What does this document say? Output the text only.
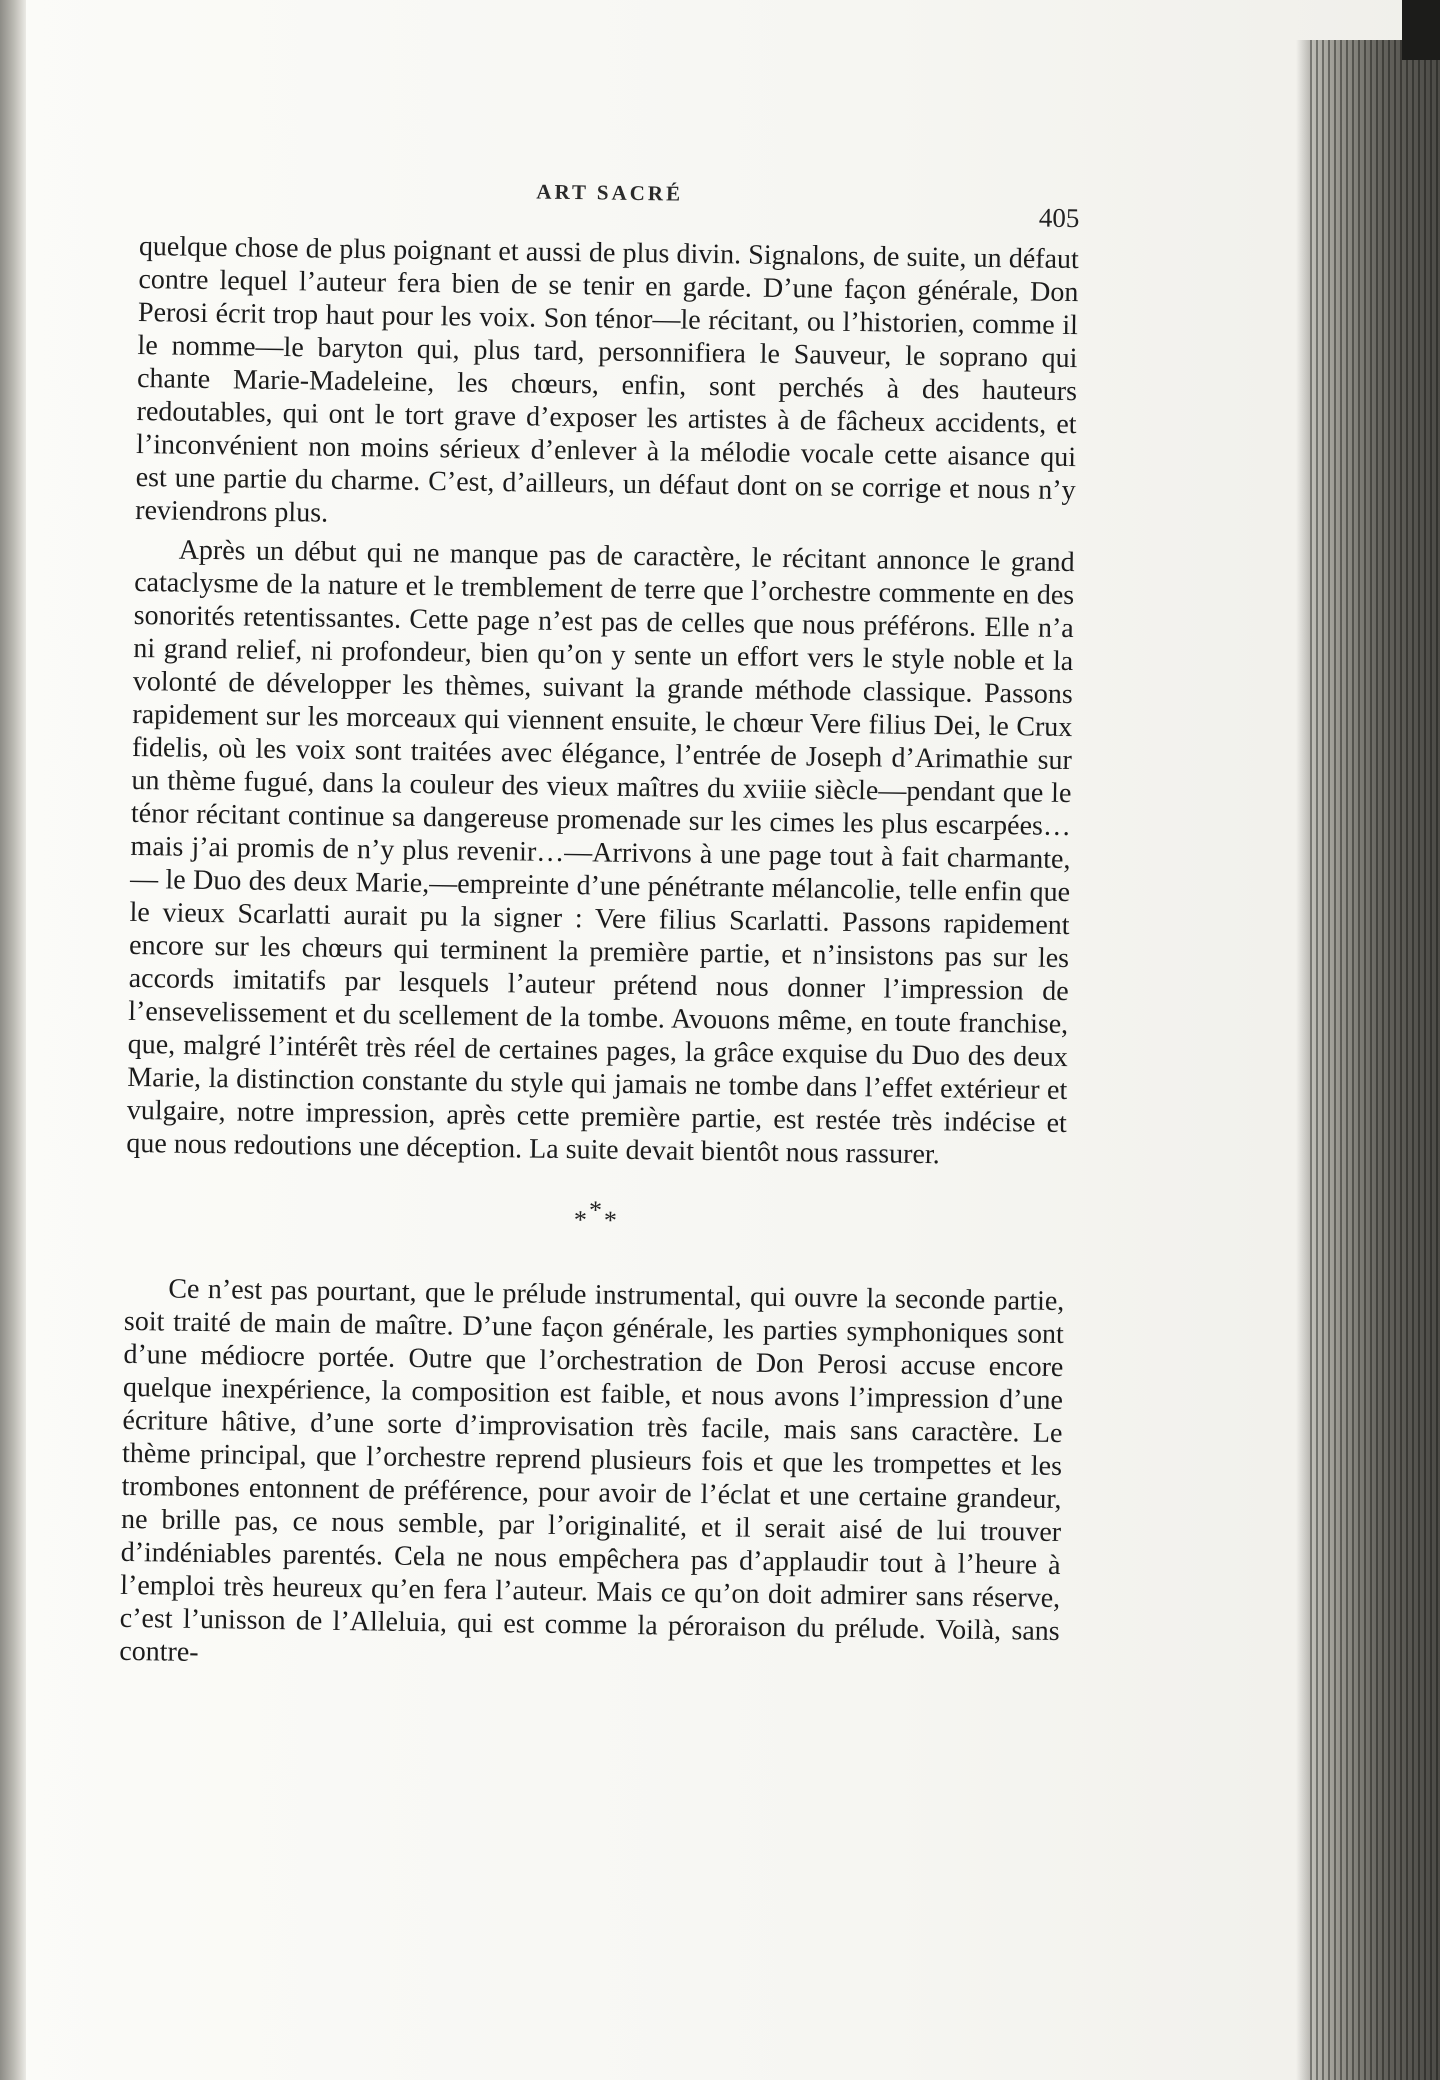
ART SACRÉ
405

quelque chose de plus poignant et aussi de plus divin. Signalons, de suite, un défaut contre lequel l’auteur fera bien de se tenir en garde. D’une façon générale, Don Perosi écrit trop haut pour les voix. Son ténor—le récitant, ou l’historien, comme il le nomme—le baryton qui, plus tard, personnifiera le Sauveur, le soprano qui chante Marie-Madeleine, les chœurs, enfin, sont perchés à des hauteurs redoutables, qui ont le tort grave d’exposer les artistes à de fâcheux accidents, et l’inconvénient non moins sérieux d’enlever à la mélodie vocale cette aisance qui est une partie du charme. C’est, d’ailleurs, un défaut dont on se corrige et nous n’y reviendrons plus.

Après un début qui ne manque pas de caractère, le récitant annonce le grand cataclysme de la nature et le tremblement de terre que l’orchestre commente en des sonorités retentissantes. Cette page n’est pas de celles que nous préférons. Elle n’a ni grand relief, ni profondeur, bien qu’on y sente un effort vers le style noble et la volonté de développer les thèmes, suivant la grande méthode classique. Passons rapidement sur les morceaux qui viennent ensuite, le chœur Vere filius Dei, le Crux fidelis, où les voix sont traitées avec élégance, l’entrée de Joseph d’Arimathie sur un thème fugué, dans la couleur des vieux maîtres du xviiie siècle—pendant que le ténor récitant continue sa dangereuse promenade sur les cimes les plus escarpées… mais j’ai promis de n’y plus revenir…—Arrivons à une page tout à fait charmante,— le Duo des deux Marie,—empreinte d’une pénétrante mélancolie, telle enfin que le vieux Scarlatti aurait pu la signer : Vere filius Scarlatti. Passons rapidement encore sur les chœurs qui terminent la première partie, et n’insistons pas sur les accords imitatifs par lesquels l’auteur prétend nous donner l’impression de l’ensevelissement et du scellement de la tombe. Avouons même, en toute franchise, que, malgré l’intérêt très réel de certaines pages, la grâce exquise du Duo des deux Marie, la distinction constante du style qui jamais ne tombe dans l’effet extérieur et vulgaire, notre impression, après cette première partie, est restée très indécise et que nous redoutions une déception. La suite devait bientôt nous rassurer.

***

Ce n’est pas pourtant, que le prélude instrumental, qui ouvre la seconde partie, soit traité de main de maître. D’une façon générale, les parties symphoniques sont d’une médiocre portée. Outre que l’orchestration de Don Perosi accuse encore quelque inexpérience, la composition est faible, et nous avons l’impression d’une écriture hâtive, d’une sorte d’improvisation très facile, mais sans caractère. Le thème principal, que l’orchestre reprend plusieurs fois et que les trompettes et les trombones entonnent de préférence, pour avoir de l’éclat et une certaine grandeur, ne brille pas, ce nous semble, par l’originalité, et il serait aisé de lui trouver d’indéniables parentés. Cela ne nous empêchera pas d’applaudir tout à l’heure à l’emploi très heureux qu’en fera l’auteur. Mais ce qu’on doit admirer sans réserve, c’est l’unisson de l’Alleluia, qui est comme la péroraison du prélude. Voilà, sans contre-
